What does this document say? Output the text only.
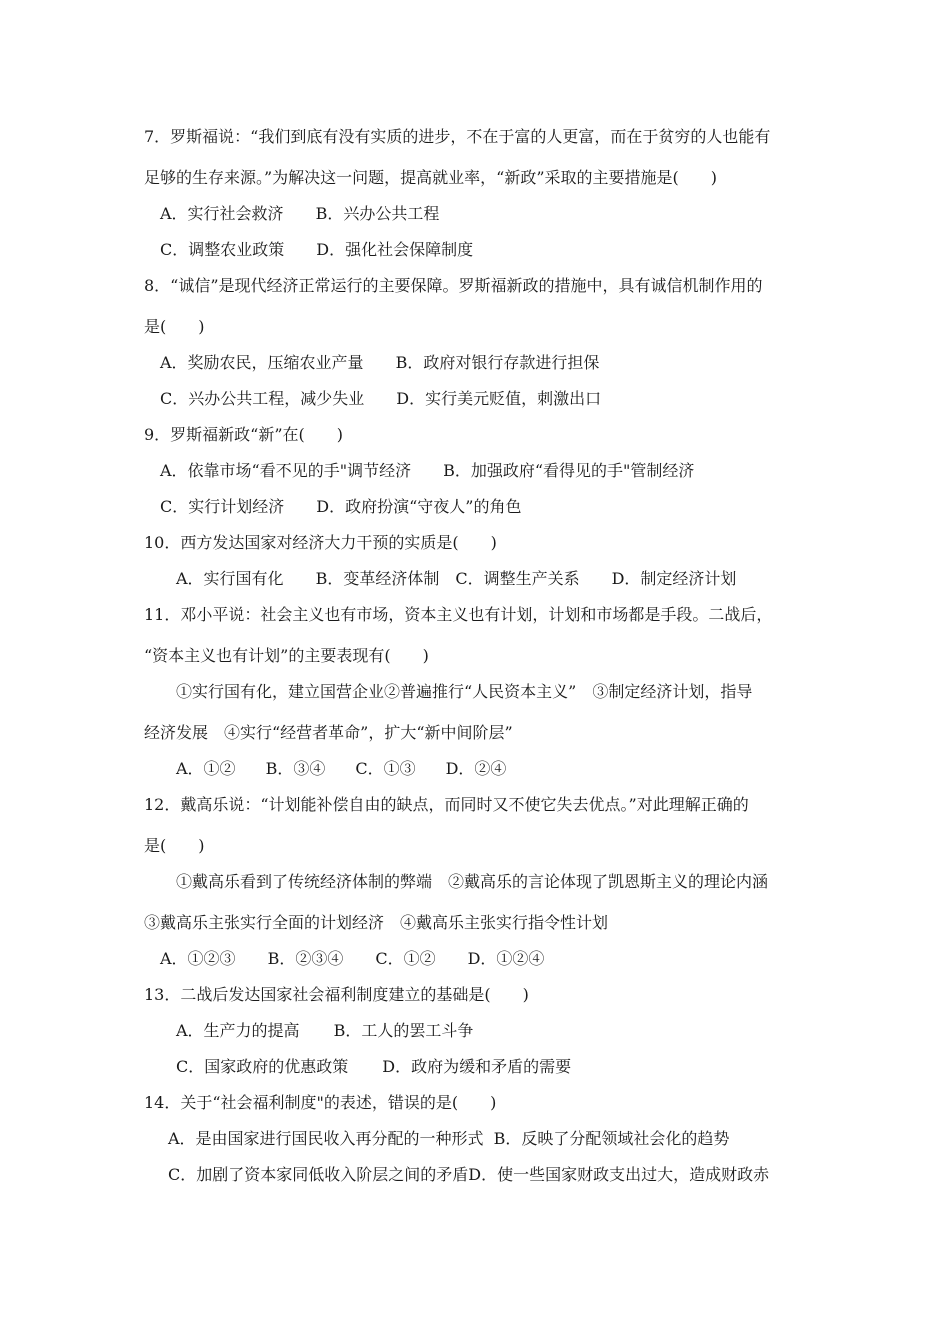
7．罗斯福说：“我们到底有没有实质的进步，不在于富的人更富，而在于贫穷的人也能有
足够的生存来源。”为解决这一问题，提高就业率，“新政”采取的主要措施是(　　)
A．实行社会救济 B．兴办公共工程
C．调整农业政策 D．强化社会保障制度
8．“诚信”是现代经济正常运行的主要保障。罗斯福新政的措施中，具有诚信机制作用的
是(　　)
A．奖励农民，压缩农业产量 B．政府对银行存款进行担保
C．兴办公共工程，减少失业 D．实行美元贬值，刺激出口
9．罗斯福新政“新”在(　　)
A．依靠市场“看不见的手"调节经济 B．加强政府“看得见的手"管制经济
C．实行计划经济 D．政府扮演“守夜人”的角色
10．西方发达国家对经济大力干预的实质是(　　)
A．实行国有化 B．变革经济体制 C．调整生产关系 D．制定经济计划
11．邓小平说：社会主义也有市场，资本主义也有计划，计划和市场都是手段。二战后，
“资本主义也有计划”的主要表现有(　　)
①实行国有化，建立国营企业②普遍推行“人民资本主义”　③制定经济计划，指导
经济发展　④实行“经营者革命”，扩大“新中间阶层”
A．①② B．③④ C．①③ D．②④
12．戴高乐说：“计划能补偿自由的缺点，而同时又不使它失去优点。”对此理解正确的
是(　　)
①戴高乐看到了传统经济体制的弊端　②戴高乐的言论体现了凯恩斯主义的理论内涵
③戴高乐主张实行全面的计划经济　④戴高乐主张实行指令性计划
A．①②③ B．②③④ C．①② D．①②④
13．二战后发达国家社会福利制度建立的基础是(　　)
A．生产力的提高 B．工人的罢工斗争
C．国家政府的优惠政策 D．政府为缓和矛盾的需要
14．关于“社会福利制度"的表述，错误的是(　　)
A．是由国家进行国民收入再分配的一种形式 B．反映了分配领域社会化的趋势
C．加剧了资本家同低收入阶层之间的矛盾D．使一些国家财政支出过大，造成财政赤
